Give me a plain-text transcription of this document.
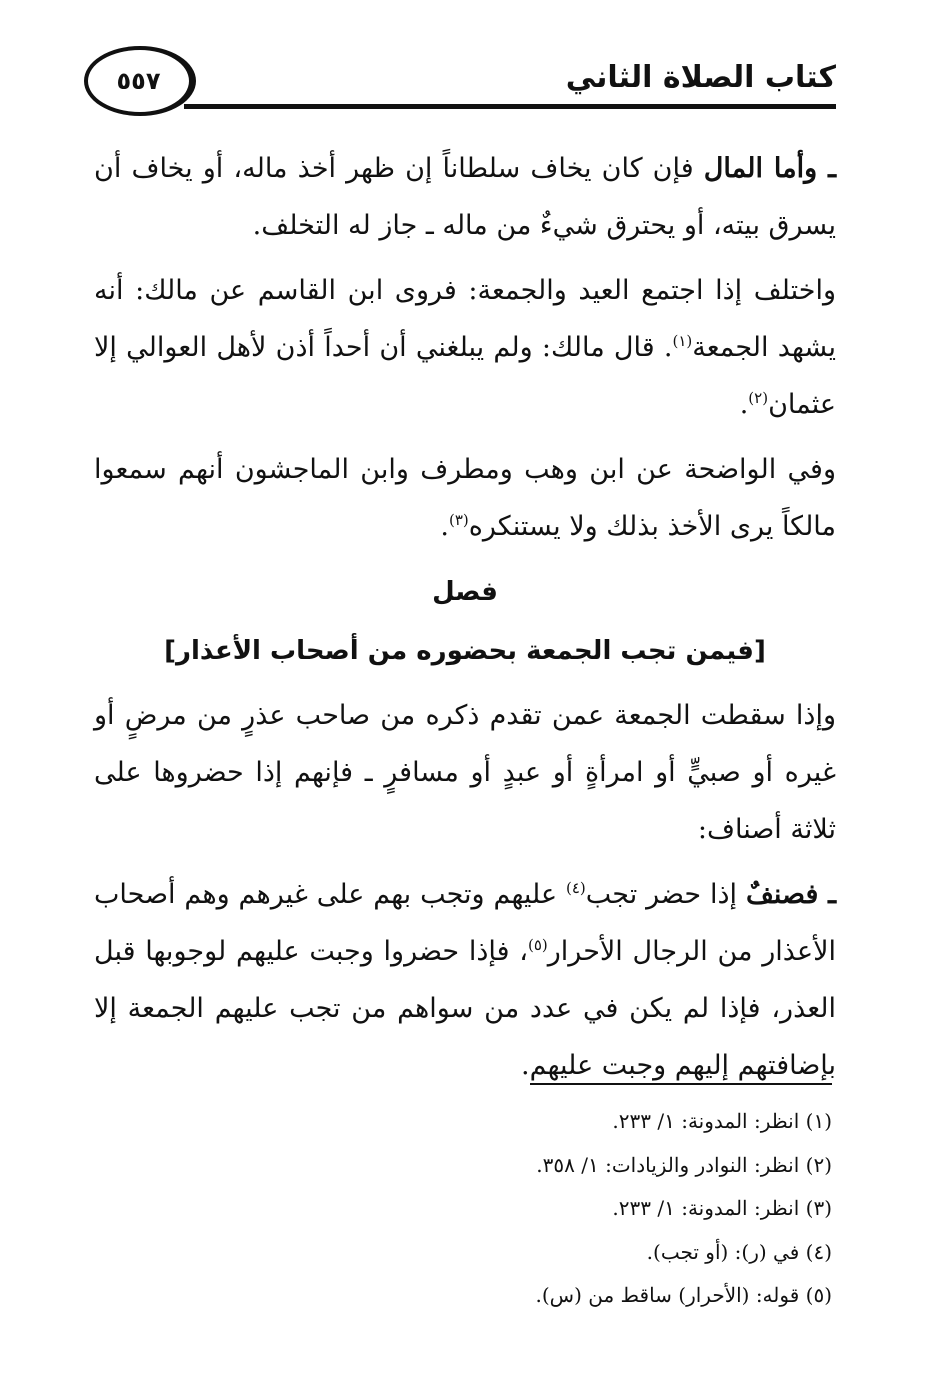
كتاب الصلاة الثاني
٥٥٧

ـ وأما المال فإن كان يخاف سلطاناً إن ظهر أخذ ماله، أو يخاف أن يسرق بيته، أو يحترق شيءٌ من ماله ـ جاز له التخلف.

واختلف إذا اجتمع العيد والجمعة: فروى ابن القاسم عن مالك: أنه يشهد الجمعة$^{(١)}$. قال مالك: ولم يبلغني أن أحداً أذن لأهل العوالي إلا عثمان$^{(٢)}$.

وفي الواضحة عن ابن وهب ومطرف وابن الماجشون أنهم سمعوا مالكاً يرى الأخذ بذلك ولا يستنكره$^{(٣)}$.

فصل
[فيمن تجب الجمعة بحضوره من أصحاب الأعذار]

وإذا سقطت الجمعة عمن تقدم ذكره من صاحب عذرٍ من مرضٍ أو غيره أو صبيٍّ أو امرأةٍ أو عبدٍ أو مسافرٍ ـ فإنهم إذا حضروها على ثلاثة أصناف:

ـ فصنفٌ إذا حضر تجب$^{(٤)}$ عليهم وتجب بهم على غيرهم وهم أصحاب الأعذار من الرجال الأحرار$^{(٥)}$، فإذا حضروا وجبت عليهم لوجوبها قبل العذر، فإذا لم يكن في عدد من سواهم من تجب عليهم الجمعة إلا بإضافتهم إليهم وجبت عليهم.

(١) انظر: المدونة: ١/ ٢٣٣.
(٢) انظر: النوادر والزيادات: ١/ ٣٥٨.
(٣) انظر: المدونة: ١/ ٢٣٣.
(٤) في (ر): (أو تجب).
(٥) قوله: (الأحرار) ساقط من (س).
